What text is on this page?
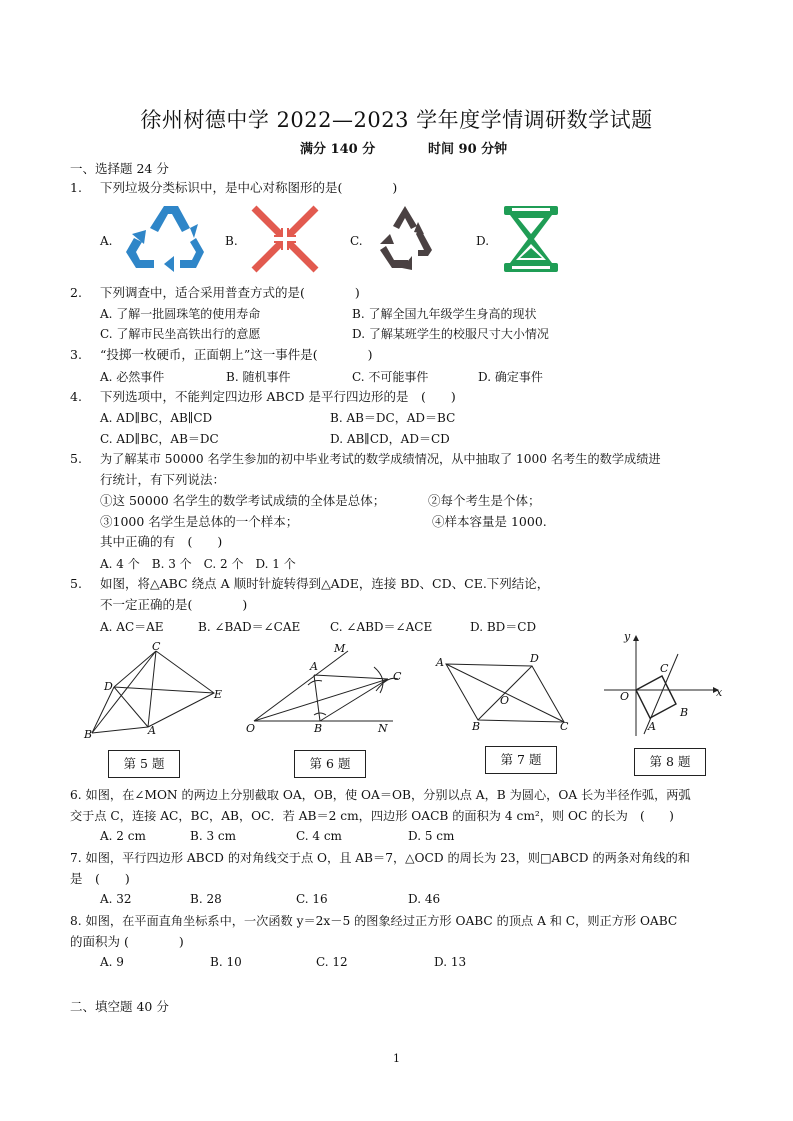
徐州树德中学 2022—2023 学年度学情调研数学试题
满分 140 分	时间 90 分钟
一、选择题 24 分
1. 下列垃圾分类标识中，是中心对称图形的是(　　　　)
A.	B.	C.	D.
2. 下列调查中，适合采用普查方式的是(　　　　)
A. 了解一批圆珠笔的使用寿命	B. 了解全国九年级学生身高的现状
C. 了解市民坐高铁出行的意愿	D. 了解某班学生的校服尺寸大小情况
3. “投掷一枚硬币，正面朝上”这一事件是(　　　　)
A. 必然事件	B. 随机事件	C. 不可能事件	D. 确定事件
4. 下列选项中，不能判定四边形 ABCD 是平行四边形的是　(　　)
A. AD∥BC，AB∥CD	B. AB＝DC，AD＝BC
C. AD∥BC，AB＝DC	D. AB∥CD，AD＝CD
5. 为了解某市 50000 名学生参加的初中毕业考试的数学成绩情况，从中抽取了 1000 名考生的数学成绩进
行统计，有下列说法：
①这 50000 名学生的数学考试成绩的全体是总体；	②每个考生是个体；
③1000 名学生是总体的一个样本；	④样本容量是 1000.
其中正确的有　(　　)
A. 4 个　B. 3 个　C. 2 个　D. 1 个
5. 如图，将△ABC 绕点 A 顺时针旋转得到△ADE，连接 BD、CD、CE.下列结论，
不一定正确的是(　　　　)
A. AC＝AE	B. ∠BAD＝∠CAE C. ∠ABD＝∠ACE	D. BD＝CD
C
D
E
A
B
第 5 题
M
A
C
O	B	N
第 6 题
A	D
O
B	C
第 7 题
y
O
C
x
B
A
第 8 题
6. 如图，在∠MON 的两边上分别截取 OA，OB，使 OA＝OB，分别以点 A，B 为圆心，OA 长为半径作弧，两弧
交于点 C，连接 AC，BC，AB，OC．若 AB＝2 cm，四边形 OACB 的面积为 4 cm²，则 OC 的长为　(　　)
A. 2 cm	B. 3 cm	C. 4 cm	D. 5 cm
7. 如图，平行四边形 ABCD 的对角线交于点 O，且 AB＝7，△OCD 的周长为 23，则□ABCD 的两条对角线的和
是　(　　)
A. 32	B. 28	C. 16	D. 46
8. 如图，在平面直角坐标系中，一次函数 y＝2x－5 的图象经过正方形 OABC 的顶点 A 和 C，则正方形 OABC
的面积为 (　　　　)
A. 9	B. 10	C. 12	D. 13
二、填空题 40 分
1
